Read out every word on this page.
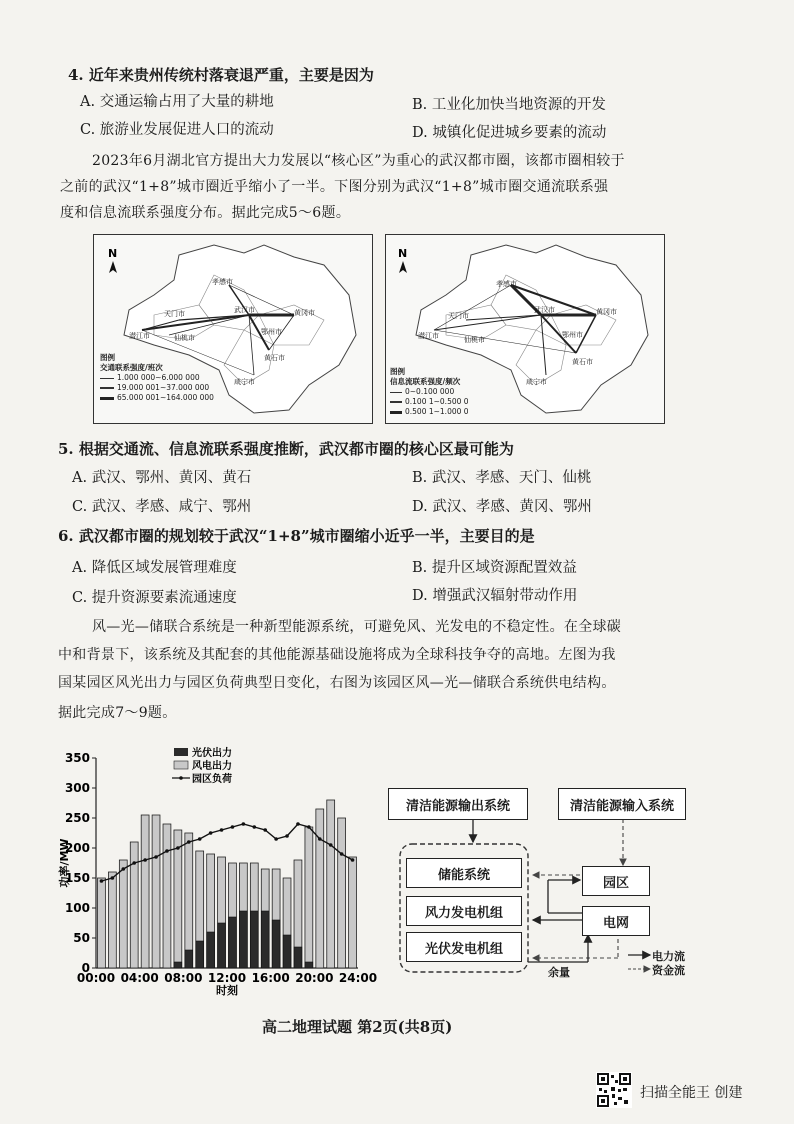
4. 近年来贵州传统村落衰退严重，主要是因为
A. 交通运输占用了大量的耕地	B. 工业化加快当地资源的开发
C. 旅游业发展促进人口的流动	D. 城镇化促进城乡要素的流动
2023年6月湖北官方提出大力发展以“核心区”为重心的武汉都市圈，该都市圈相较于
之前的武汉“1+8”城市圈近乎缩小了一半。下图分别为武汉“1+8”城市圈交通流联系强
度和信息流联系强度分布。据此完成5～6题。
N
孝感市
武汉市	黄冈市
天门市
潜江市	仙桃市
鄂州市
黄石市
咸宁市
图例
交通联系强度/班次
1.000 000~6.000 000
19.000 001~37.000 000
65.000 001~164.000 000
N
孝感市
武汉市	黄冈市
天门市
潜江市	仙桃市
鄂州市
黄石市
咸宁市
图例
信息流联系强度/频次
0~0.100 000
0.100 1~0.500 0
0.500 1~1.000 0
5. 根据交通流、信息流联系强度推断，武汉都市圈的核心区最可能为
A. 武汉、鄂州、黄冈、黄石	B. 武汉、孝感、天门、仙桃
C. 武汉、孝感、咸宁、鄂州	D. 武汉、孝感、黄冈、鄂州
6. 武汉都市圈的规划较于武汉“1+8”城市圈缩小近乎一半，主要目的是
A. 降低区域发展管理难度	B. 提升区域资源配置效益
C. 提升资源要素流通速度	D. 增强武汉辐射带动作用
风—光—储联合系统是一种新型能源系统，可避免风、光发电的不稳定性。在全球碳
中和背景下，该系统及其配套的其他能源基础设施将成为全球科技争夺的高地。左图为我
国某园区风光出力与园区负荷典型日变化，右图为该园区风—光—储联合系统供电结构。
据此完成7～9题。
0
50
100
150
200
250
300
350
00:00 04:00 08:00 12:00 16:00 20:00 24:00
时刻
功率/MW
光伏出力
风电出力
园区负荷
清洁能源输出系统	清洁能源输入系统
储能系统
风力发电机组
光伏发电机组
园区
电网
余量
电力流
资金流
高二地理试题 第2页(共8页)
扫描全能王 创建
